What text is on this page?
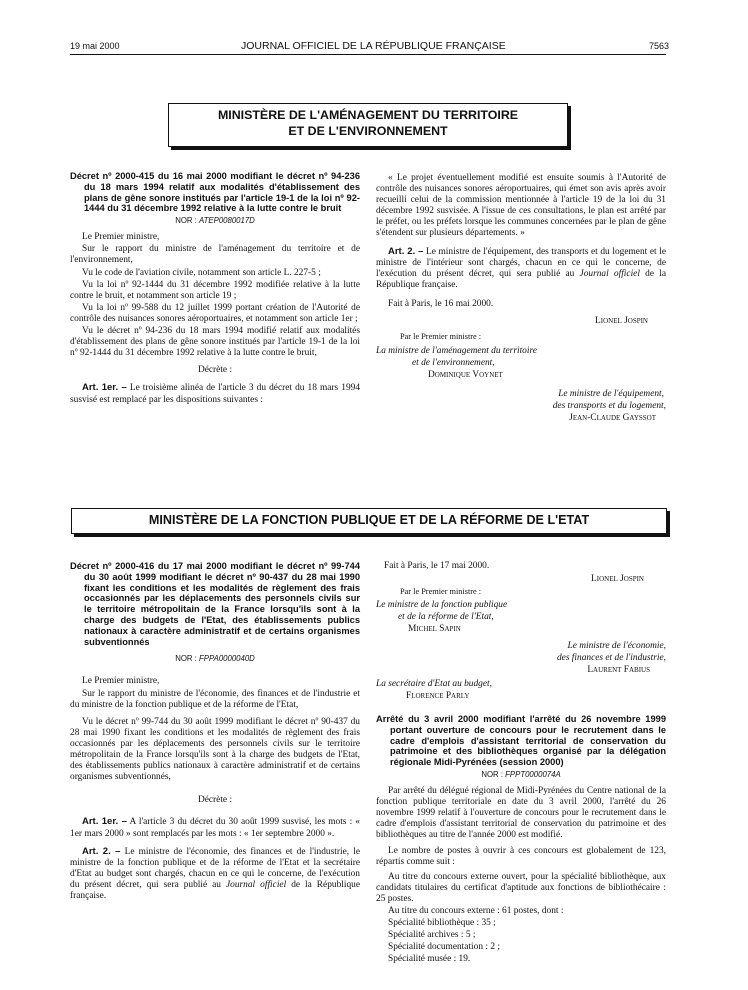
19 mai 2000	JOURNAL OFFICIEL DE LA RÉPUBLIQUE FRANÇAISE	7563
MINISTÈRE DE L'AMÉNAGEMENT DU TERRITOIRE
ET DE L'ENVIRONNEMENT
Décret nº 2000-415 du 16 mai 2000 modifiant le décret nº 94-236 du 18 mars 1994 relatif aux modalités d'établissement des plans de gêne sonore institués par l'article 19-1 de la loi nº 92-1444 du 31 décembre 1992 relative à la lutte contre le bruit
NOR : ATEP0080017D

Le Premier ministre,

Sur le rapport du ministre de l'aménagement du territoire et de l'environnement,

Vu le code de l'aviation civile, notamment son article L. 227-5 ;

Vu la loi nº 92-1444 du 31 décembre 1992 modifiée relative à la lutte contre le bruit, et notamment son article 19 ;

Vu la loi nº 99-588 du 12 juillet 1999 portant création de l'Autorité de contrôle des nuisances sonores aéroportuaires, et notamment son article 1er ;

Vu le décret nº 94-236 du 18 mars 1994 modifié relatif aux modalités d'établissement des plans de gêne sonore institués par l'article 19-1 de la loi nº 92-1444 du 31 décembre 1992 relative à la lutte contre le bruit,

Décrète :

Art. 1er. – Le troisième alinéa de l'article 3 du décret du 18 mars 1994 susvisé est remplacé par les dispositions suivantes :

« Le projet éventuellement modifié est ensuite soumis à l'Autorité de contrôle des nuisances sonores aéroportuaires, qui émet son avis après avoir recueilli celui de la commission mentionnée à l'article 19 de la loi du 31 décembre 1992 susvisée. A l'issue de ces consultations, le plan est arrêté par le préfet, ou les préfets lorsque les communes concernées par le plan de gêne s'étendent sur plusieurs départements. »

Art. 2. – Le ministre de l'équipement, des transports et du logement et le ministre de l'intérieur sont chargés, chacun en ce qui le concerne, de l'exécution du présent décret, qui sera publié au Journal officiel de la République française.

Fait à Paris, le 16 mai 2000.

Lionel Jospin

Par le Premier ministre :

La ministre de l'aménagement du territoire

et de l'environnement,

Dominique Voynet

Le ministre de l'équipement,

des transports et du logement,

Jean-Claude Gayssot

MINISTÈRE DE LA FONCTION PUBLIQUE ET DE LA RÉFORME DE L'ETAT
Décret nº 2000-416 du 17 mai 2000 modifiant le décret nº 99-744 du 30 août 1999 modifiant le décret nº 90-437 du 28 mai 1990 fixant les conditions et les modalités de règlement des frais occasionnés par les déplacements des personnels civils sur le territoire métropolitain de la France lorsqu'ils sont à la charge des budgets de l'Etat, des établissements publics nationaux à caractère administratif et de certains organismes subventionnés
NOR : FPPA0000040D

Le Premier ministre,

Sur le rapport du ministre de l'économie, des finances et de l'industrie et du ministre de la fonction publique et de la réforme de l'Etat,

Vu le décret nº 99-744 du 30 août 1999 modifiant le décret nº 90-437 du 28 mai 1990 fixant les conditions et les modalités de règlement des frais occasionnés par les déplacements des personnels civils sur le territoire métropolitain de la France lorsqu'ils sont à la charge des budgets de l'Etat, des établissements publics nationaux à caractère administratif et de certains organismes subventionnés,

Décrète :

Art. 1er. – A l'article 3 du décret du 30 août 1999 susvisé, les mots : « 1er mars 2000 » sont remplacés par les mots : « 1er septembre 2000 ».

Art. 2. – Le ministre de l'économie, des finances et de l'industrie, le ministre de la fonction publique et de la réforme de l'Etat et la secrétaire d'Etat au budget sont chargés, chacun en ce qui le concerne, de l'exécution du présent décret, qui sera publié au Journal officiel de la République française.

Fait à Paris, le 17 mai 2000.

Lionel Jospin

Par le Premier ministre :

Le ministre de la fonction publique

et de la réforme de l'Etat,

Michel Sapin

Le ministre de l'économie,

des finances et de l'industrie,

Laurent Fabius

La secrétaire d'Etat au budget,

Florence Parly

Arrêté du 3 avril 2000 modifiant l'arrêté du 26 novembre 1999 portant ouverture de concours pour le recrutement dans le cadre d'emplois d'assistant territorial de conservation du patrimoine et des bibliothèques organisé par la délégation régionale Midi-Pyrénées (session 2000)
NOR : FPPT0000074A

Par arrêté du délégué régional de Midi-Pyrénées du Centre national de la fonction publique territoriale en date du 3 avril 2000, l'arrêté du 26 novembre 1999 relatif à l'ouverture de concours pour le recrutement dans le cadre d'emplois d'assistant territorial de conservation du patrimoine et des bibliothèques au titre de l'année 2000 est modifié.

Le nombre de postes à ouvrir à ces concours est globalement de 123, répartis comme suit :

Au titre du concours externe ouvert, pour la spécialité bibliothèque, aux candidats titulaires du certificat d'aptitude aux fonctions de bibliothécaire : 25 postes.

Au titre du concours externe : 61 postes, dont :

Spécialité bibliothèque : 35 ;

Spécialité archives : 5 ;

Spécialité documentation : 2 ;

Spécialité musée : 19.
